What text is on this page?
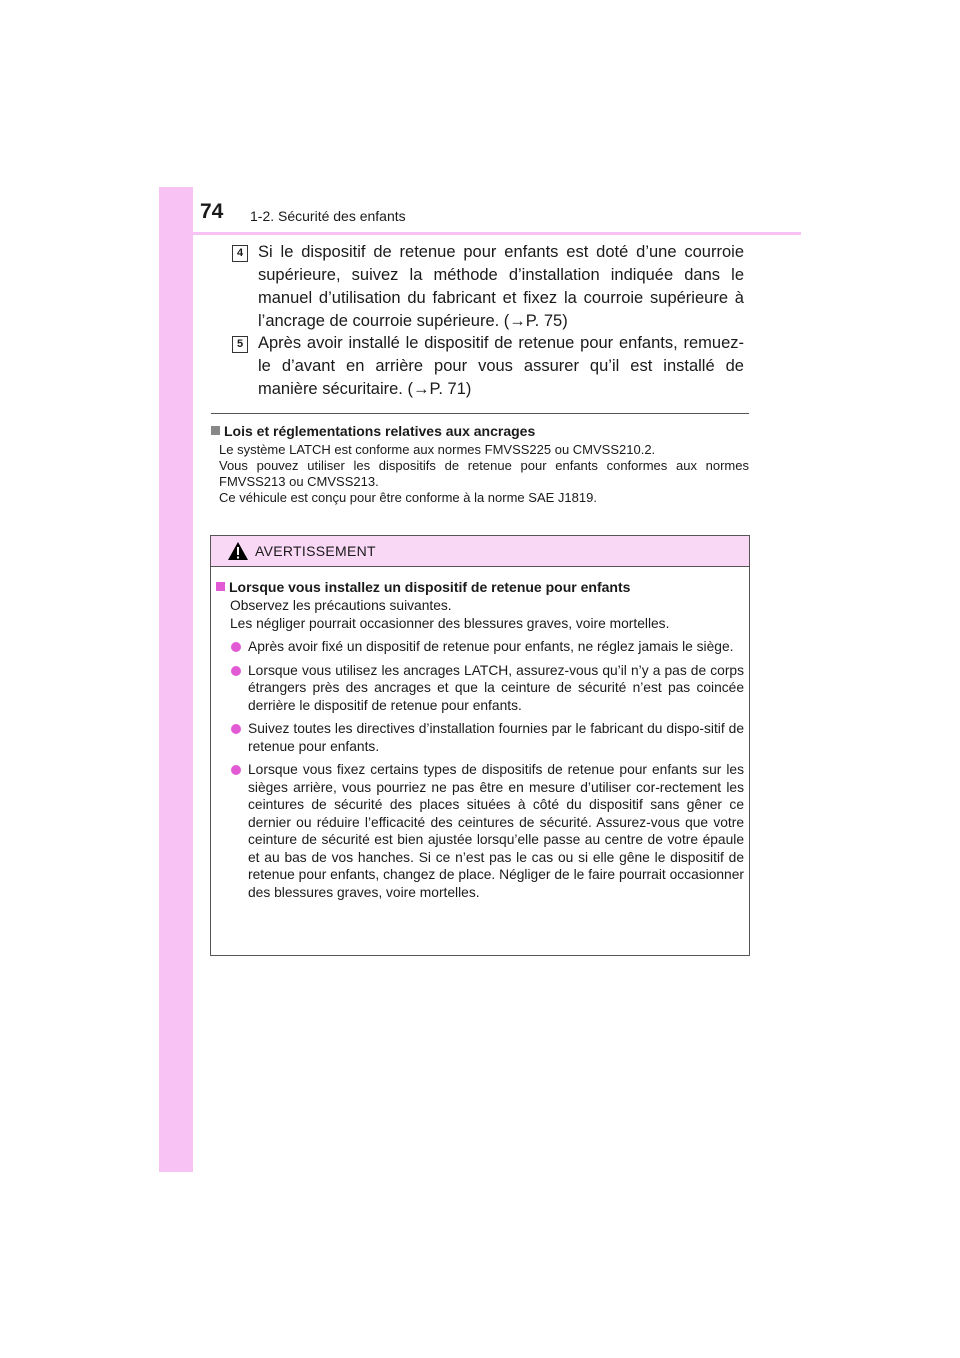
74 1-2. Sécurité des enfants
4 Si le dispositif de retenue pour enfants est doté d’une courroie supérieure, suivez la méthode d’installation indiquée dans le manuel d’utilisation du fabricant et fixez la courroie supérieure à l’ancrage de courroie supérieure. (→P. 75)
5 Après avoir installé le dispositif de retenue pour enfants, remuez-le d’avant en arrière pour vous assurer qu’il est installé de manière sécuritaire. (→P. 71)
Lois et réglementations relatives aux ancrages
Le système LATCH est conforme aux normes FMVSS225 ou CMVSS210.2.
Vous pouvez utiliser les dispositifs de retenue pour enfants conformes aux normes FMVSS213 ou CMVSS213.
Ce véhicule est conçu pour être conforme à la norme SAE J1819.
AVERTISSEMENT
Lorsque vous installez un dispositif de retenue pour enfants
Observez les précautions suivantes.
Les négliger pourrait occasionner des blessures graves, voire mortelles.
Après avoir fixé un dispositif de retenue pour enfants, ne réglez jamais le siège.
Lorsque vous utilisez les ancrages LATCH, assurez-vous qu’il n’y a pas de corps étrangers près des ancrages et que la ceinture de sécurité n’est pas coincée derrière le dispositif de retenue pour enfants.
Suivez toutes les directives d’installation fournies par le fabricant du dispo-sitif de retenue pour enfants.
Lorsque vous fixez certains types de dispositifs de retenue pour enfants sur les sièges arrière, vous pourriez ne pas être en mesure d’utiliser cor-rectement les ceintures de sécurité des places situées à côté du dispositif sans gêner ce dernier ou réduire l’efficacité des ceintures de sécurité. Assurez-vous que votre ceinture de sécurité est bien ajustée lorsqu’elle passe au centre de votre épaule et au bas de vos hanches. Si ce n’est pas le cas ou si elle gêne le dispositif de retenue pour enfants, changez de place. Négliger de le faire pourrait occasionner des blessures graves, voire mortelles.
